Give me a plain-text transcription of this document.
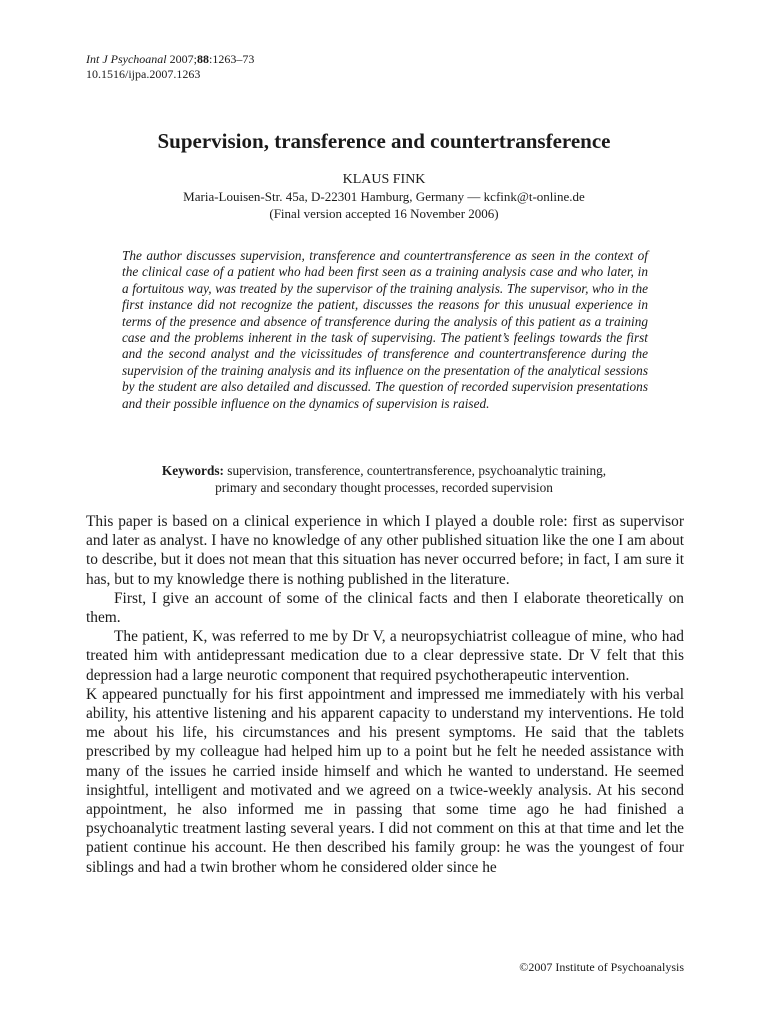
Int J Psychoanal 2007;88:1263–73
10.1516/ijpa.2007.1263
Supervision, transference and countertransference
KLAUS FINK
Maria-Louisen-Str. 45a, D-22301 Hamburg, Germany — kcfink@t-online.de
(Final version accepted 16 November 2006)
The author discusses supervision, transference and countertransference as seen in the context of the clinical case of a patient who had been first seen as a training analysis case and who later, in a fortuitous way, was treated by the supervisor of the training analysis. The supervisor, who in the first instance did not recognize the patient, discusses the reasons for this unusual experience in terms of the presence and absence of transference during the analysis of this patient as a training case and the problems inherent in the task of supervising. The patient’s feelings towards the first and the second analyst and the vicissitudes of transference and countertransference during the supervision of the training analysis and its influence on the presentation of the analytical sessions by the student are also detailed and discussed. The question of recorded supervision presentations and their possible influence on the dynamics of supervision is raised.
Keywords: supervision, transference, countertransference, psychoanalytic training,
primary and secondary thought processes, recorded supervision

This paper is based on a clinical experience in which I played a double role: first as supervisor and later as analyst. I have no knowledge of any other published situation like the one I am about to describe, but it does not mean that this situation has never occurred before; in fact, I am sure it has, but to my knowledge there is nothing published in the literature.

First, I give an account of some of the clinical facts and then I elaborate theoretically on them.

The patient, K, was referred to me by Dr V, a neuropsychiatrist colleague of mine, who had treated him with antidepressant medication due to a clear depressive state. Dr V felt that this depression had a large neurotic component that required psychotherapeutic intervention.

K appeared punctually for his first appointment and impressed me immediately with his verbal ability, his attentive listening and his apparent capacity to understand my interventions. He told me about his life, his circumstances and his present symptoms. He said that the tablets prescribed by my colleague had helped him up to a point but he felt he needed assistance with many of the issues he carried inside himself and which he wanted to understand. He seemed insightful, intelligent and motivated and we agreed on a twice-weekly analysis. At his second appointment, he also informed me in passing that some time ago he had finished a psychoanalytic treatment lasting several years. I did not comment on this at that time and let the patient continue his account. He then described his family group: he was the youngest of four siblings and had a twin brother whom he considered older since he

©2007 Institute of Psychoanalysis
